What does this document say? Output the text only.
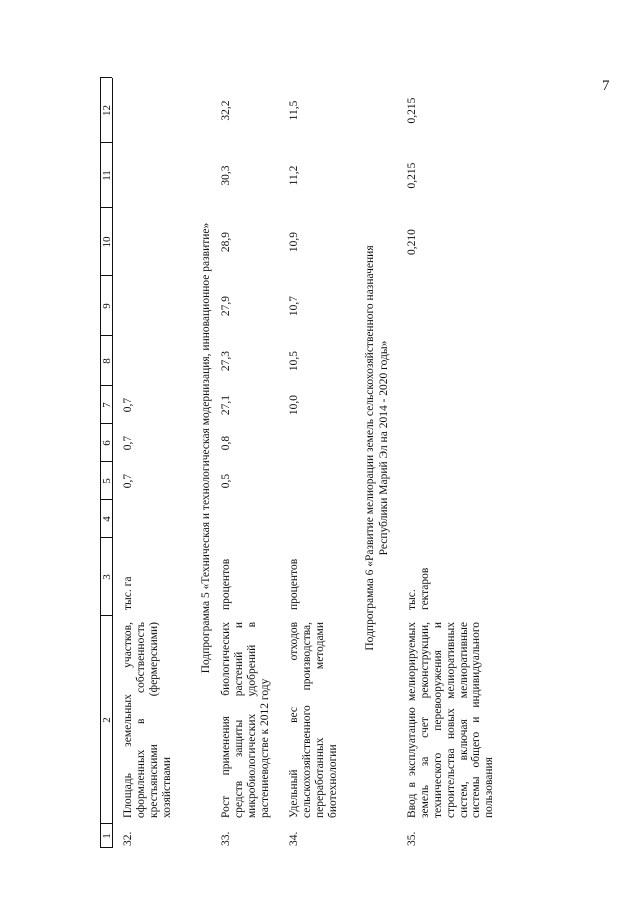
7
1
2
3
4
5
6
7
8
9
10
11
12
32.
Площадь земельных участков, оформленных в собственность крестьянскими (фермерскими) хозяйствами
тыс. га
0,7
0,7
0,7	Подпрограмма 5 «Техническая и технологическая модернизация, инновационное развитие»
33.
Рост применения биологических средств защиты растений и микробиологических удобрений в растениеводстве к 2012 году
процентов
0,5
0,8
27,1
27,3
27,9
28,9
30,3
32,2
34.
Удельный вес отходов сельскохозяйственного производства, переработанных методами биотехнологии
процентов
10,0
10,5
10,7
10,9
11,2
11,5
Подпрограмма 6 «Развитие мелиорации земель сельскохозяйственного назначения Республики Марий Эл на 2014 - 2020 годы»
35.
Ввод в эксплуатацию мелиорируемых земель за счет реконструкции, технического перевооружения и строительства новых мелиоративных систем, включая мелиоративные системы общего и индивидуального пользования
тыс. гектаров
0,210
0,215
0,215
